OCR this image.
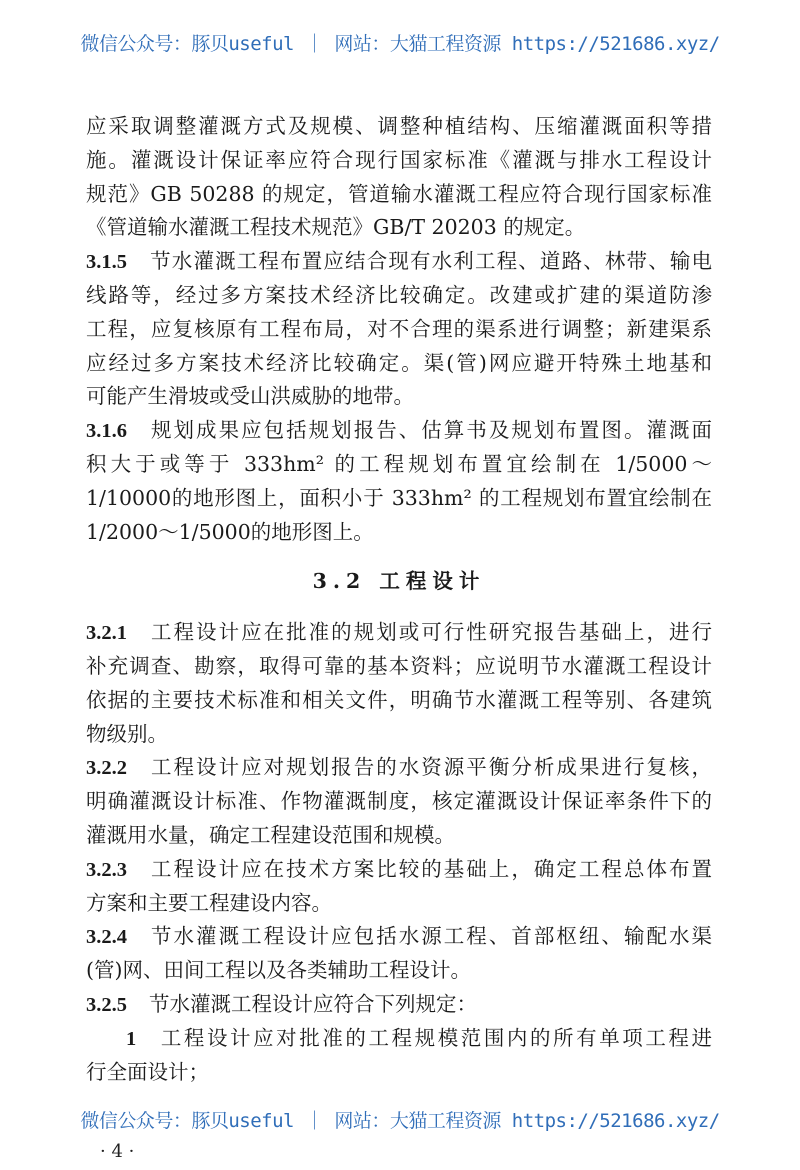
微信公众号：豚贝useful ｜ 网站：大猫工程资源 https://521686.xyz/
应采取调整灌溉方式及规模、调整种植结构、压缩灌溉面积等措
施。灌溉设计保证率应符合现行国家标准《灌溉与排水工程设计
规范》GB 50288 的规定，管道输水灌溉工程应符合现行国家标准
《管道输水灌溉工程技术规范》GB/T 20203 的规定。
3.1.5 节水灌溉工程布置应结合现有水利工程、道路、林带、输电
线路等，经过多方案技术经济比较确定。改建或扩建的渠道防渗
工程，应复核原有工程布局，对不合理的渠系进行调整；新建渠系
应经过多方案技术经济比较确定。渠(管)网应避开特殊土地基和
可能产生滑坡或受山洪威胁的地带。
3.1.6 规划成果应包括规划报告、估算书及规划布置图。灌溉面
积大于或等于 333hm² 的工程规划布置宜绘制在 1/5000～
1/10000的地形图上，面积小于 333hm² 的工程规划布置宜绘制在
1/2000～1/5000的地形图上。
3.2 工程设计
3.2.1 工程设计应在批准的规划或可行性研究报告基础上，进行
补充调查、勘察，取得可靠的基本资料；应说明节水灌溉工程设计
依据的主要技术标准和相关文件，明确节水灌溉工程等别、各建筑
物级别。
3.2.2 工程设计应对规划报告的水资源平衡分析成果进行复核，
明确灌溉设计标准、作物灌溉制度，核定灌溉设计保证率条件下的
灌溉用水量，确定工程建设范围和规模。
3.2.3 工程设计应在技术方案比较的基础上，确定工程总体布置
方案和主要工程建设内容。
3.2.4 节水灌溉工程设计应包括水源工程、首部枢纽、输配水渠
(管)网、田间工程以及各类辅助工程设计。
3.2.5 节水灌溉工程设计应符合下列规定：
1 工程设计应对批准的工程规模范围内的所有单项工程进
行全面设计；
微信公众号：豚贝useful ｜ 网站：大猫工程资源 https://521686.xyz/
· 4 ·
